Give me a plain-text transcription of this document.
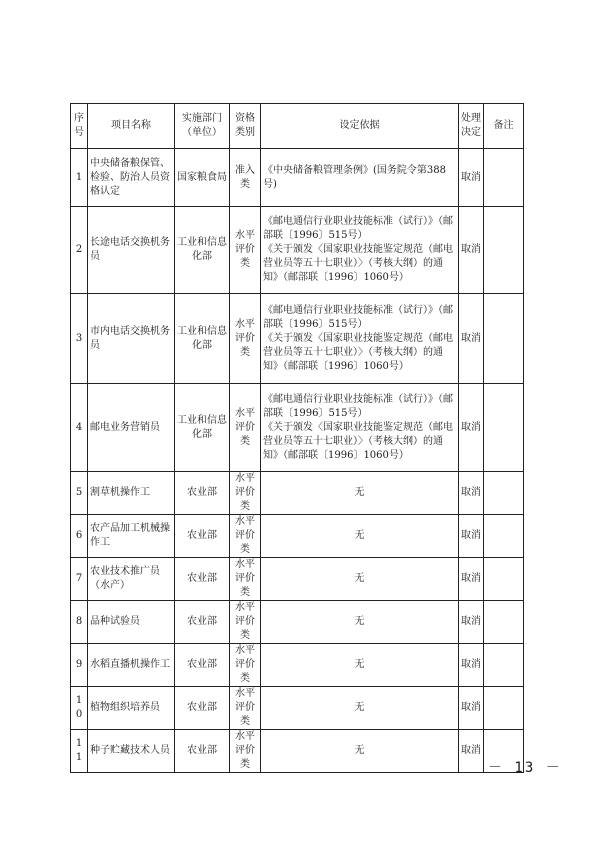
序号	项目名称	实施部门（单位）	资格类别	设定依据	处理决定	备注
1	中央储备粮保管、检验、防治人员资格认定	国家粮食局	准入类	《中央储备粮管理条例》(国务院令第388号)	取消	
2	长途电话交换机务员	工业和信息化部	水平评价类	《邮电通信行业职业技能标准（试行）》（邮部联〔1996〕515号）
《关于颁发〈国家职业技能鉴定规范（邮电营业员等五十七职业）〉（考核大纲）的通知》（邮部联〔1996〕1060号）	取消	
3	市内电话交换机务员	工业和信息化部	水平评价类	《邮电通信行业职业技能标准（试行）》（邮部联〔1996〕515号）
《关于颁发〈国家职业技能鉴定规范（邮电营业员等五十七职业）〉（考核大纲）的通知》（邮部联〔1996〕1060号）	取消	
4	邮电业务营销员	工业和信息化部	水平评价类	《邮电通信行业职业技能标准（试行）》（邮部联〔1996〕515号）
《关于颁发〈国家职业技能鉴定规范（邮电营业员等五十七职业）〉（考核大纲）的通知》（邮部联〔1996〕1060号）	取消	
5	割草机操作工	农业部	水平评价类	无	取消	
6	农产品加工机械操作工	农业部	水平评价类	无	取消	
7	农业技术推广员（水产）	农业部	水平评价类	无	取消	
8	品种试验员	农业部	水平评价类	无	取消	
9	水稻直播机操作工	农业部	水平评价类	无	取消	
10	植物组织培养员	农业部	水平评价类	无	取消	
11	种子贮藏技术人员	农业部	水平评价类	无	取消	
－ 13 －
